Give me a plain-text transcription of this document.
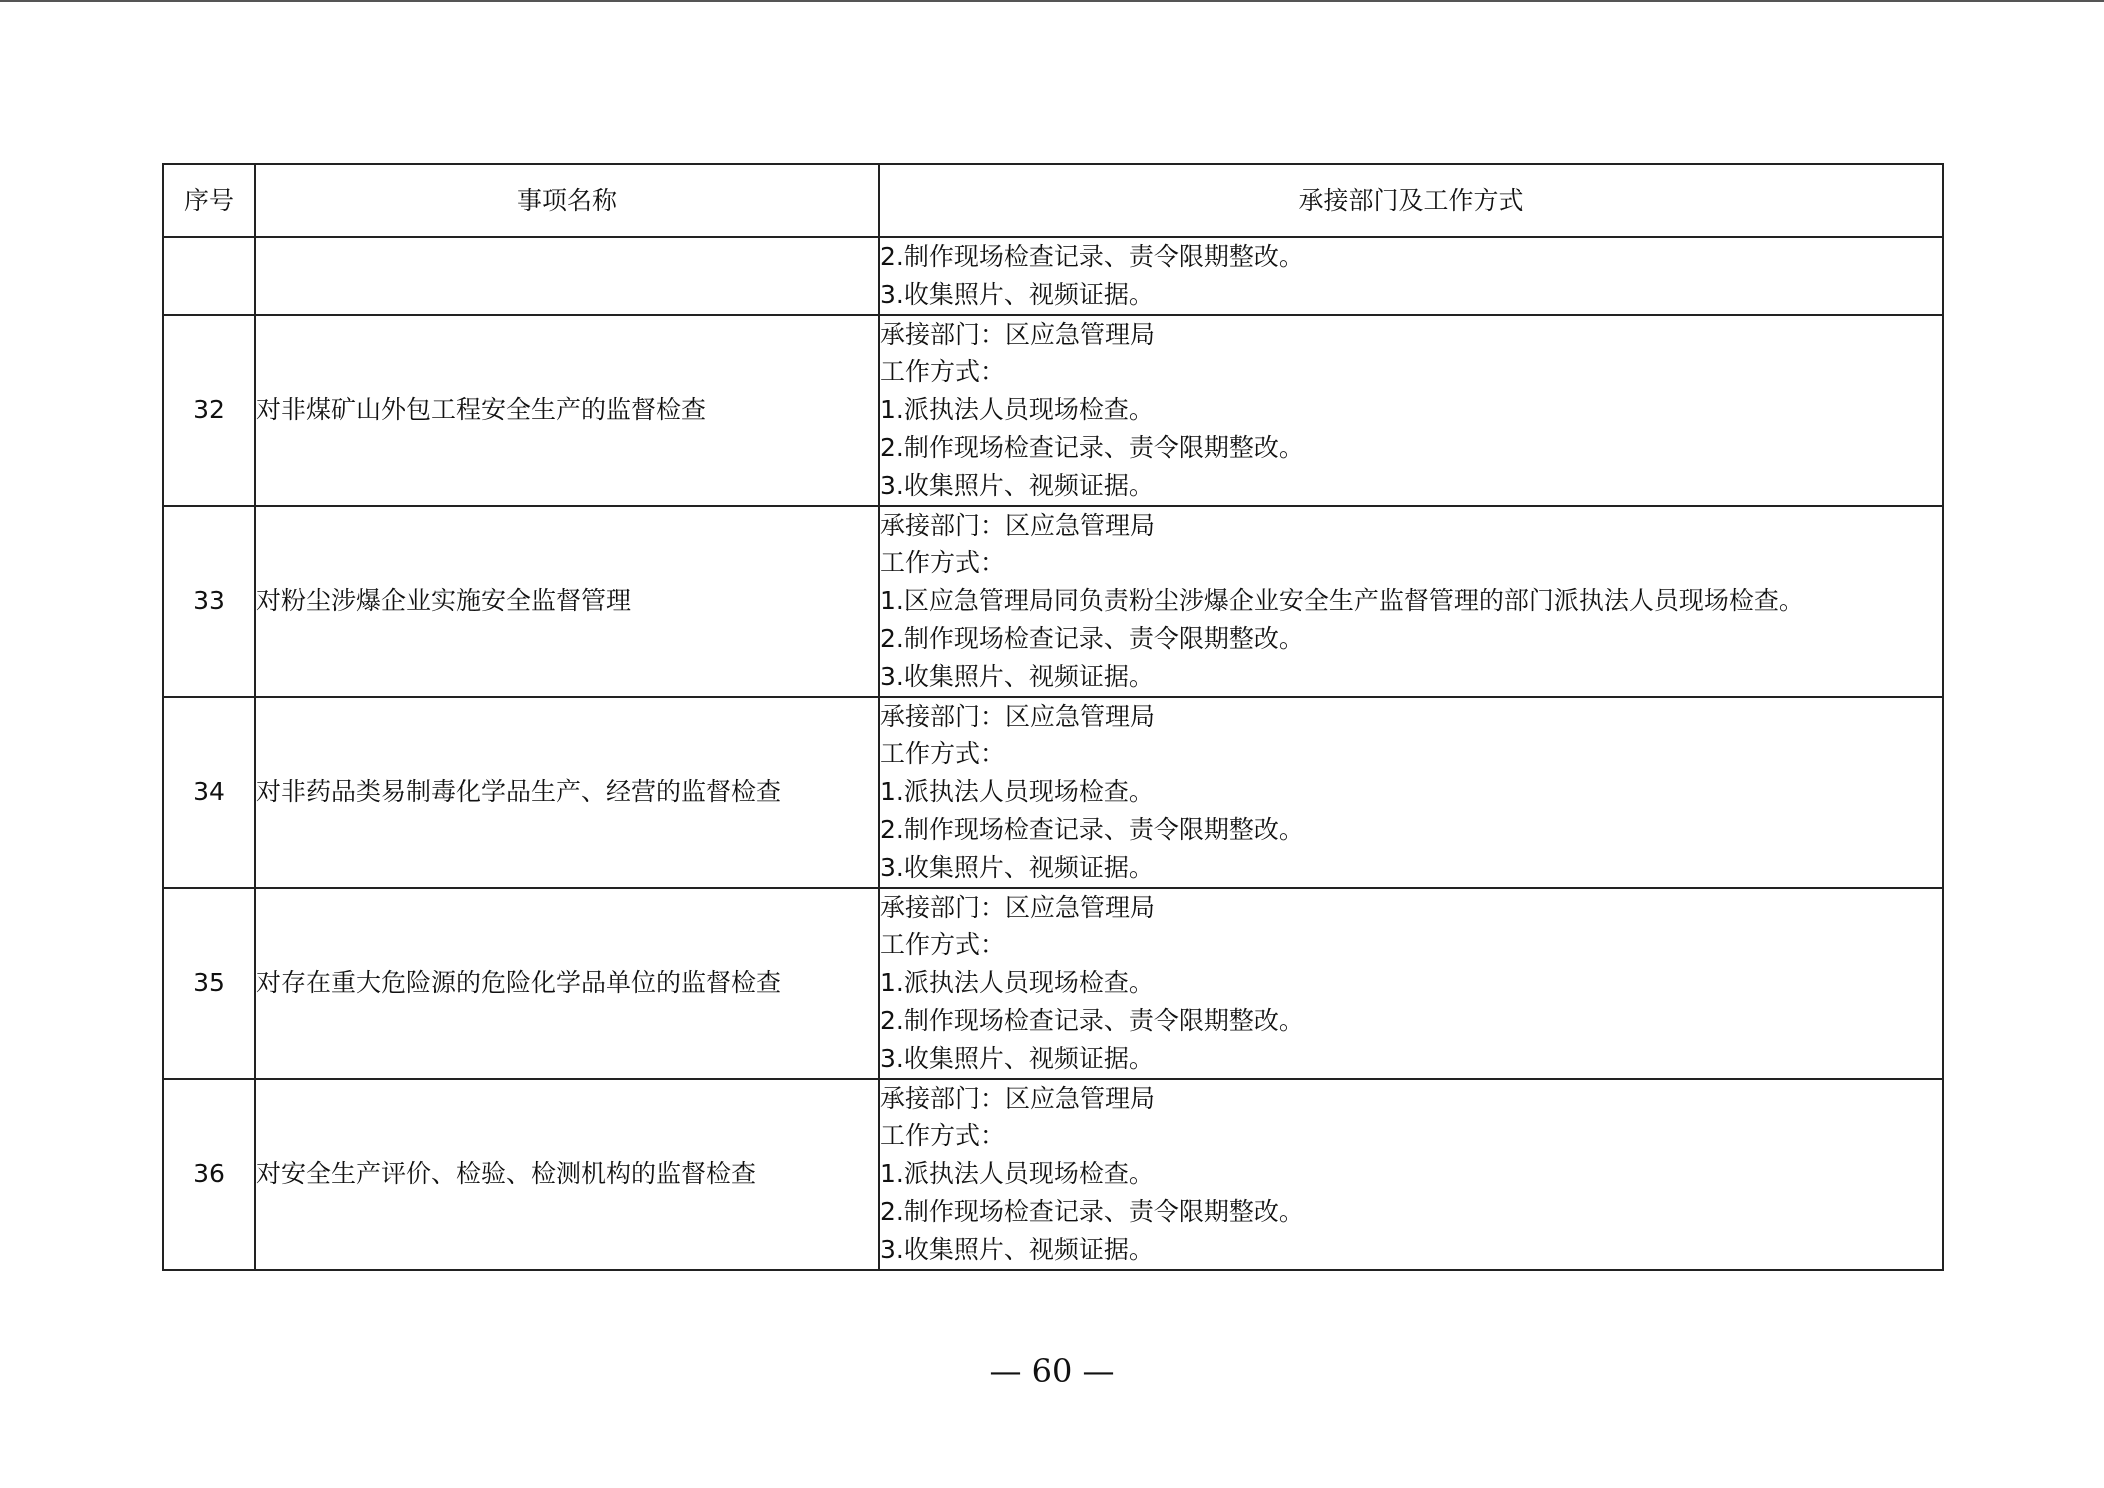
序号	事项名称	承接部门及工作方式

		2.制作现场检查记录、责令限期整改。
3.收集照片、视频证据。

32	对非煤矿山外包工程安全生产的监督检查	承接部门：区应急管理局
工作方式：
1.派执法人员现场检查。
2.制作现场检查记录、责令限期整改。
3.收集照片、视频证据。

33	对粉尘涉爆企业实施安全监督管理	承接部门：区应急管理局
工作方式：
1.区应急管理局同负责粉尘涉爆企业安全生产监督管理的部门派执法人员现场检查。
2.制作现场检查记录、责令限期整改。
3.收集照片、视频证据。

34	对非药品类易制毒化学品生产、经营的监督检查	承接部门：区应急管理局
工作方式：
1.派执法人员现场检查。
2.制作现场检查记录、责令限期整改。
3.收集照片、视频证据。

35	对存在重大危险源的危险化学品单位的监督检查	承接部门：区应急管理局
工作方式：
1.派执法人员现场检查。
2.制作现场检查记录、责令限期整改。
3.收集照片、视频证据。

36	对安全生产评价、检验、检测机构的监督检查	承接部门：区应急管理局
工作方式：
1.派执法人员现场检查。
2.制作现场检查记录、责令限期整改。
3.收集照片、视频证据。
— 60 —
